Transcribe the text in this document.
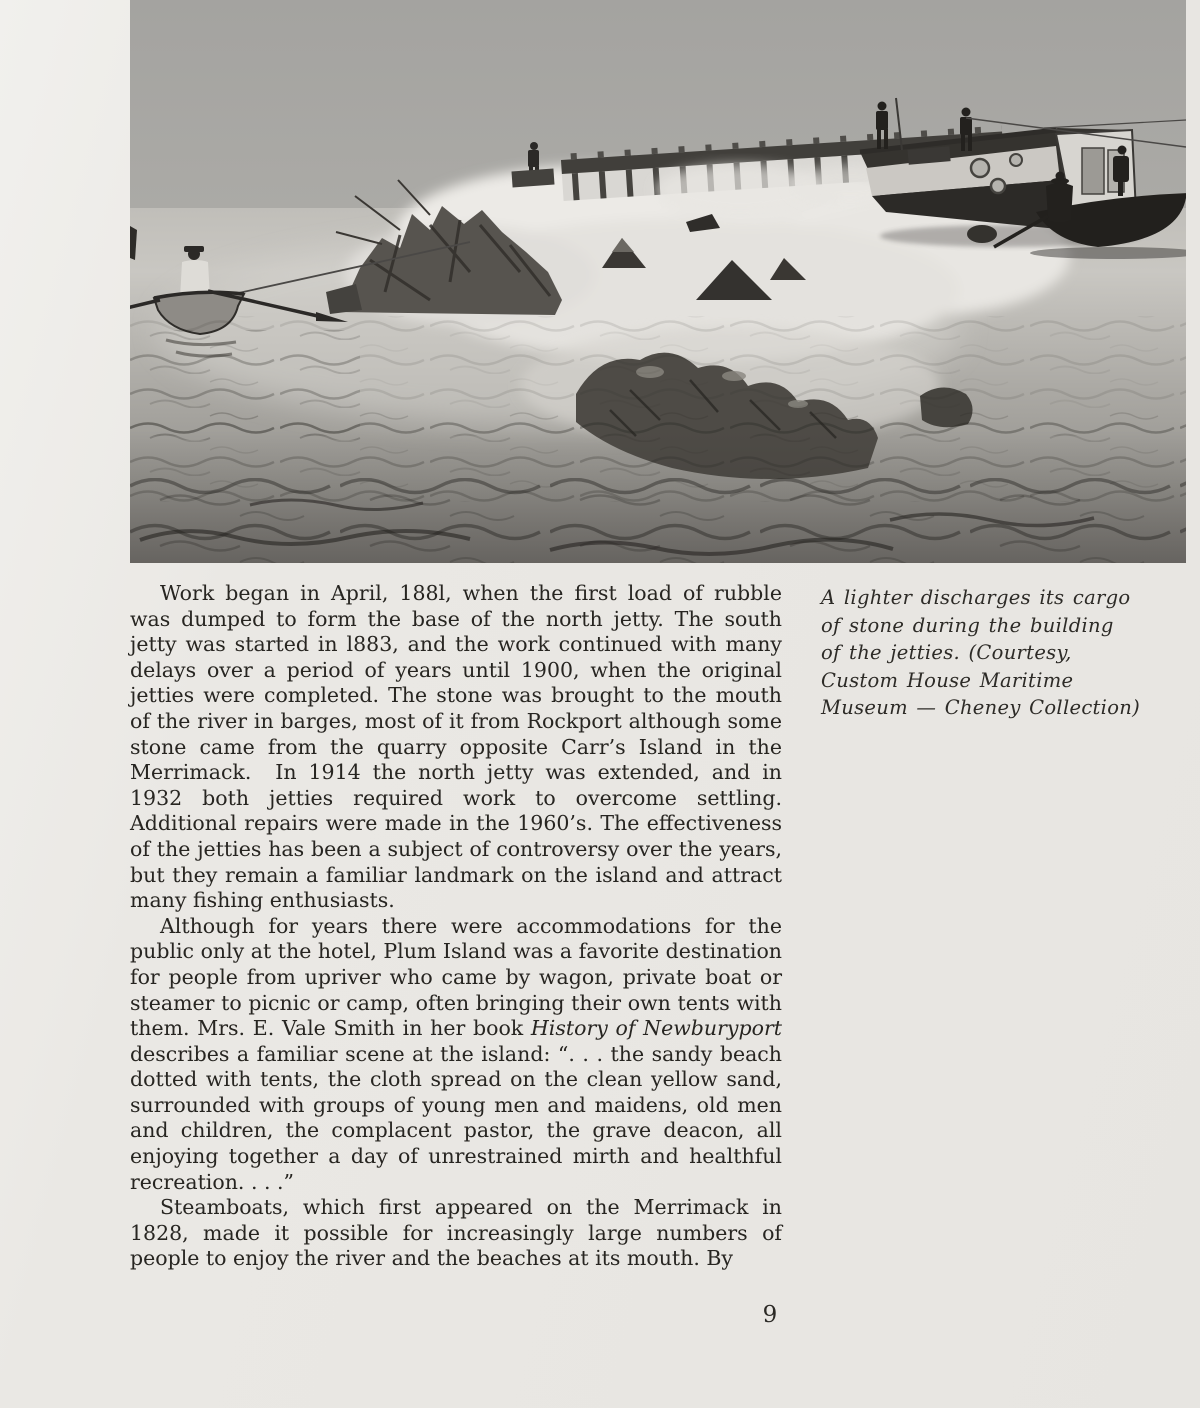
A lighter discharges its cargo of stone during the building of the jetties. (Courtesy, Custom House Maritime Museum — Cheney Collection)

Work began in April, 188l, when the first load of rubble was dumped to form the base of the north jetty. The south jetty was started in l883, and the work continued with many delays over a period of years until 1900, when the original jetties were completed. The stone was brought to the mouth of the river in barges, most of it from Rockport although some stone came from the quarry opposite Carr’s Island in the Merrimack.  In 1914 the north jetty was extended, and in 1932 both jetties required work to overcome settling. Additional repairs were made in the 1960’s. The effectiveness of the jetties has been a subject of controversy over the years, but they remain a familiar landmark on the island and attract many fishing enthusiasts.

Although for years there were accommodations for the public only at the hotel, Plum Island was a favorite destination for people from upriver who came by wagon, private boat or steamer to picnic or camp, often bringing their own tents with them. Mrs. E. Vale Smith in her book History of Newburyport describes a familiar scene at the island: “. . . the sandy beach dotted with tents, the cloth spread on the clean yellow sand, surrounded with groups of young men and maidens, old men and children, the complacent pastor, the grave deacon, all enjoying together a day of unrestrained mirth and healthful recreation. . . .”

Steamboats, which first appeared on the Merrimack in 1828, made it possible for increasingly large numbers of people to enjoy the river and the beaches at its mouth. By

9
